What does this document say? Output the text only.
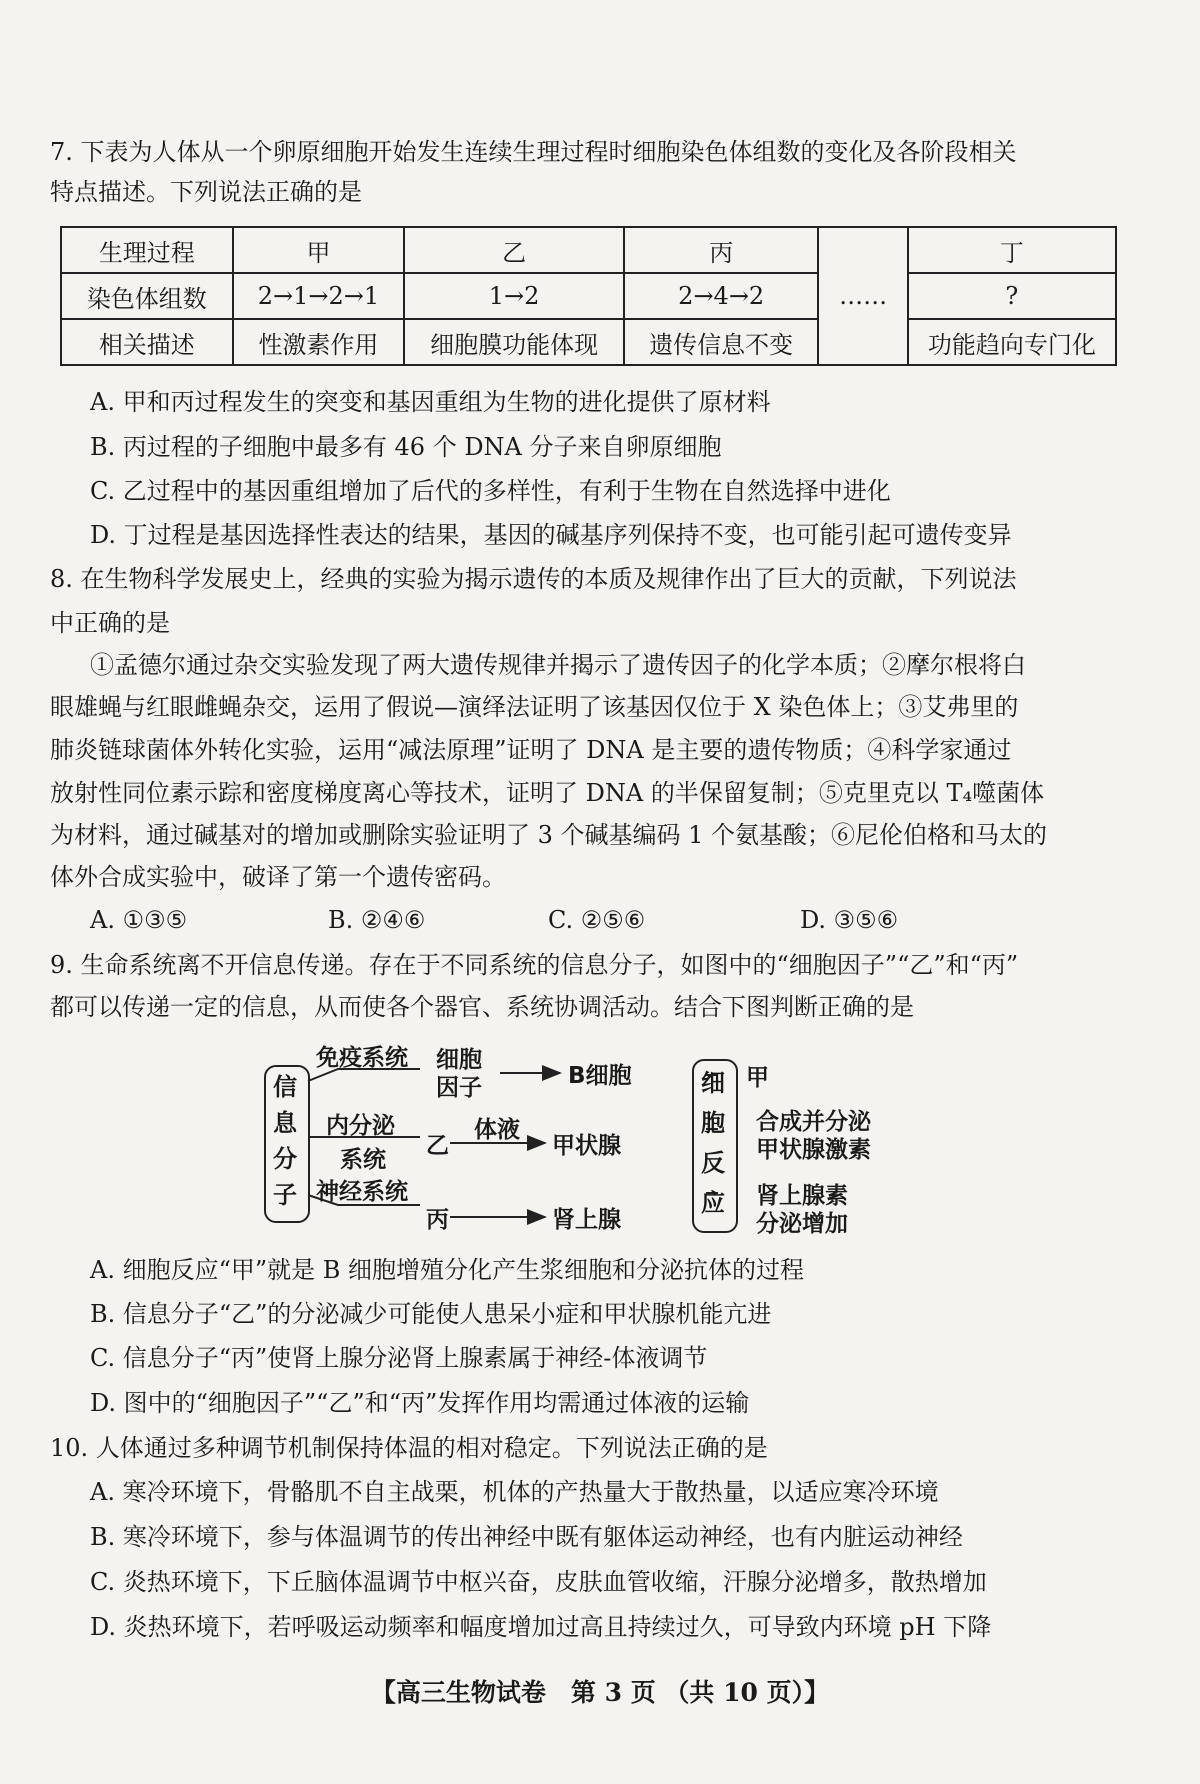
7. 下表为人体从一个卵原细胞开始发生连续生理过程时细胞染色体组数的变化及各阶段相关
特点描述。下列说法正确的是
生理过程	甲	乙	丙	……	丁
染色体组数	2→1→2→1	1→2	2→4→2		?
相关描述	性激素作用	细胞膜功能体现	遗传信息不变		功能趋向专门化
A. 甲和丙过程发生的突变和基因重组为生物的进化提供了原材料
B. 丙过程的子细胞中最多有 46 个 DNA 分子来自卵原细胞
C. 乙过程中的基因重组增加了后代的多样性，有利于生物在自然选择中进化
D. 丁过程是基因选择性表达的结果，基因的碱基序列保持不变，也可能引起可遗传变异
8. 在生物科学发展史上，经典的实验为揭示遗传的本质及规律作出了巨大的贡献，下列说法
中正确的是
①孟德尔通过杂交实验发现了两大遗传规律并揭示了遗传因子的化学本质；②摩尔根将白
眼雄蝇与红眼雌蝇杂交，运用了假说—演绎法证明了该基因仅位于 X 染色体上；③艾弗里的
肺炎链球菌体外转化实验，运用“减法原理”证明了 DNA 是主要的遗传物质；④科学家通过
放射性同位素示踪和密度梯度离心等技术，证明了 DNA 的半保留复制；⑤克里克以 T₄噬菌体
为材料，通过碱基对的增加或删除实验证明了 3 个碱基编码 1 个氨基酸；⑥尼伦伯格和马太的
体外合成实验中，破译了第一个遗传密码。
A. ①③⑤	B. ②④⑥	C. ②⑤⑥	D. ③⑤⑥
9. 生命系统离不开信息传递。存在于不同系统的信息分子，如图中的“细胞因子”“乙”和“丙”
都可以传递一定的信息，从而使各个器官、系统协调活动。结合下图判断正确的是
信
息
分
子
免疫系统 细胞
因子	B细胞
内分泌
系统
乙
体液
甲状腺
神经系统
丙	肾上腺
细
胞
反
应
甲
合成并分泌
甲状腺激素
肾上腺素
分泌增加
A. 细胞反应“甲”就是 B 细胞增殖分化产生浆细胞和分泌抗体的过程
B. 信息分子“乙”的分泌减少可能使人患呆小症和甲状腺机能亢进
C. 信息分子“丙”使肾上腺分泌肾上腺素属于神经-体液调节
D. 图中的“细胞因子”“乙”和“丙”发挥作用均需通过体液的运输
10. 人体通过多种调节机制保持体温的相对稳定。下列说法正确的是
A. 寒冷环境下，骨骼肌不自主战栗，机体的产热量大于散热量，以适应寒冷环境
B. 寒冷环境下，参与体温调节的传出神经中既有躯体运动神经，也有内脏运动神经
C. 炎热环境下，下丘脑体温调节中枢兴奋，皮肤血管收缩，汗腺分泌增多，散热增加
D. 炎热环境下，若呼吸运动频率和幅度增加过高且持续过久，可导致内环境 pH 下降
【高三生物试卷　第 3 页 （共 10 页）】
